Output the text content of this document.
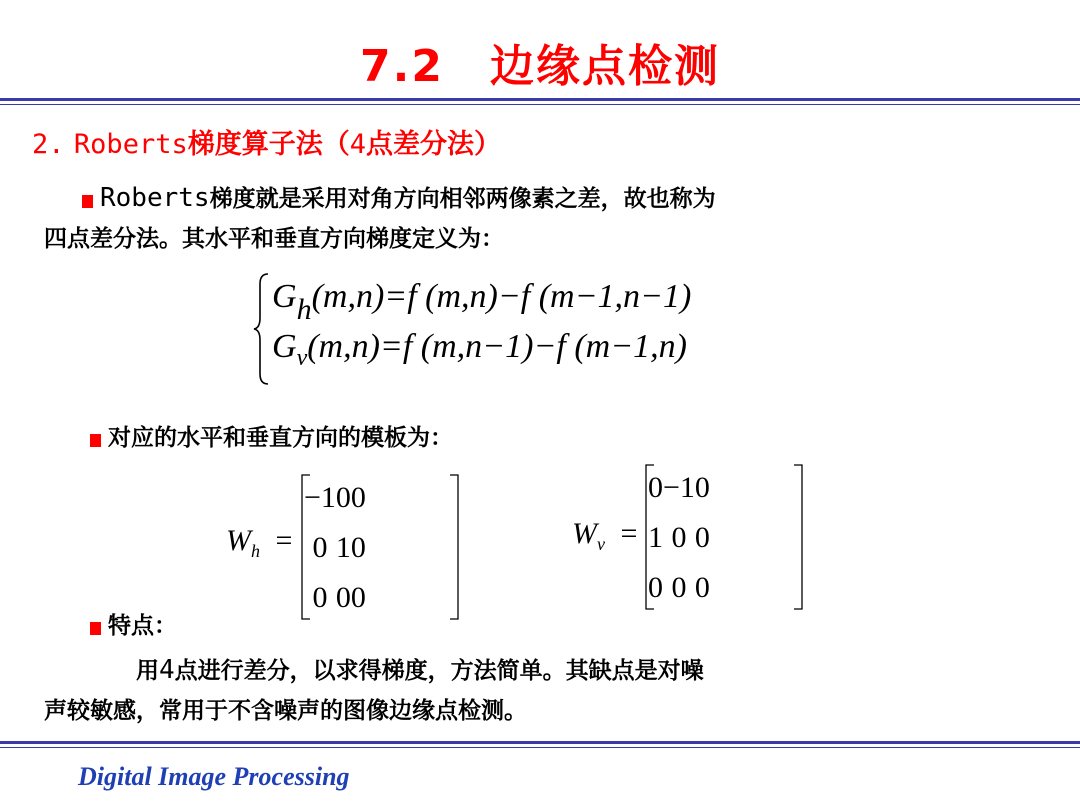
7.2　边缘点检测
2. Roberts梯度算子法（4点差分法）
Roberts梯度就是采用对角方向相邻两像素之差，故也称为
四点差分法。其水平和垂直方向梯度定义为：
$G_h(m,n)=f$ (m,n)−f (m−1,n−1)
$G_v(m,n)=f$ (m,n−1)−f (m−1,n)
对应的水平和垂直方向的模板为：
$W_h$ =
−1	0	0
0	1	0
0	0	0
$W_v$ =
0	−1	0
1	0	0
0	0	0
特点：
用4点进行差分，以求得梯度，方法简单。其缺点是对噪
声较敏感，常用于不含噪声的图像边缘点检测。
Digital Image Processing
